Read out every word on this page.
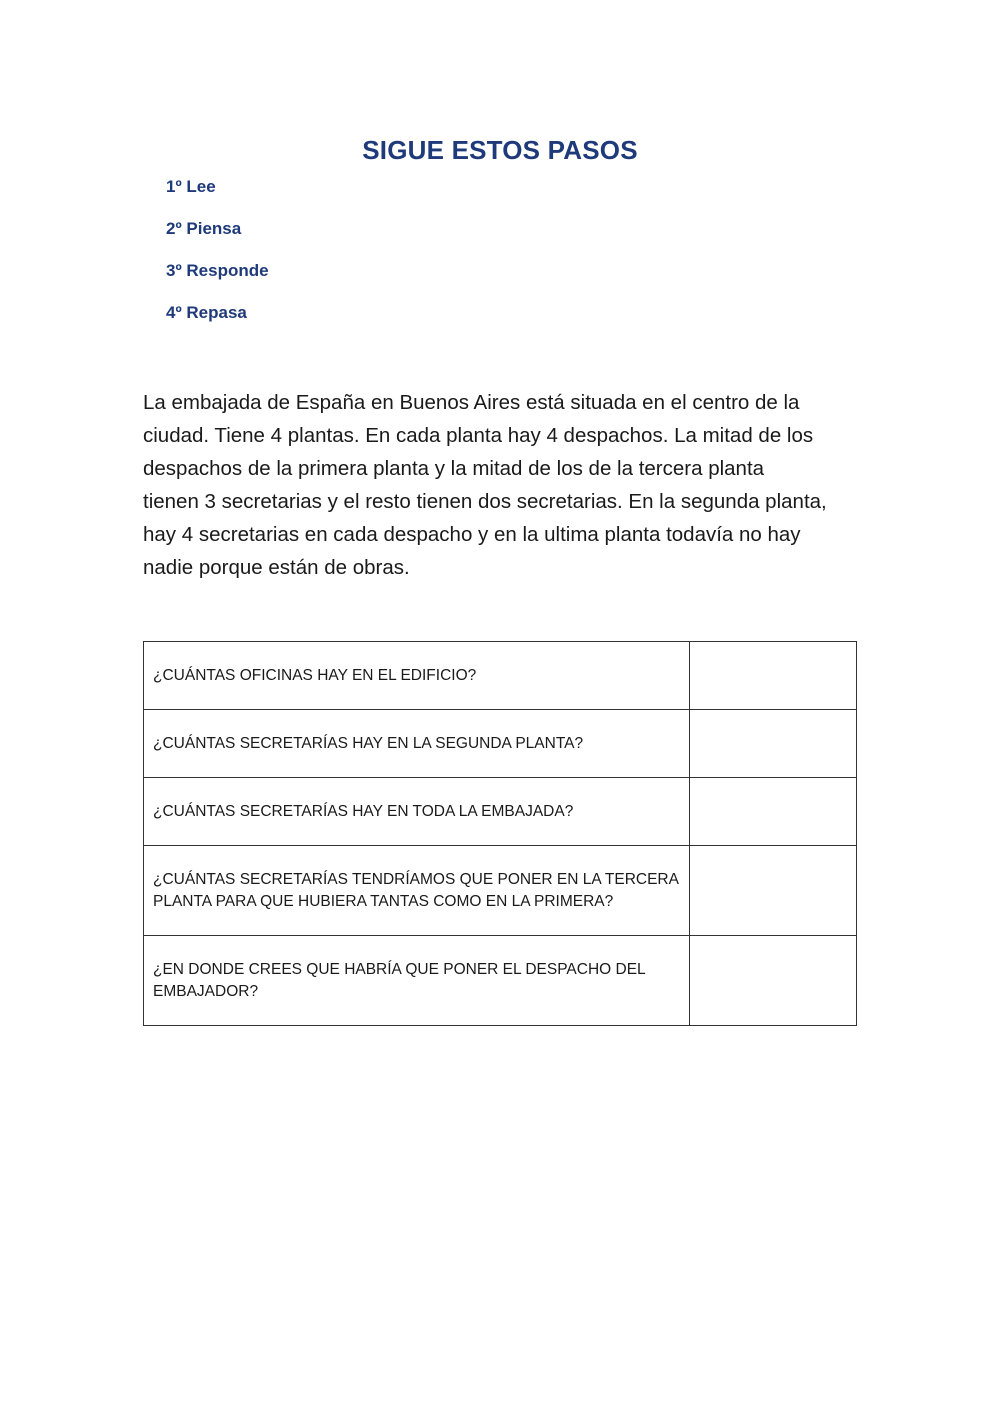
SIGUE ESTOS PASOS
1º Lee
2º Piensa
3º Responde
4º Repasa

La embajada de España en Buenos Aires está situada en el centro de la
ciudad. Tiene 4 plantas. En cada planta hay 4 despachos. La mitad de los
despachos de la primera planta y la mitad de los de la tercera planta
tienen 3 secretarias y el resto tienen dos secretarias. En la segunda planta,
hay 4 secretarias en cada despacho y en la ultima planta todavía no hay
nadie porque están de obras.

¿CUÁNTAS OFICINAS HAY EN EL EDIFICIO?	
¿CUÁNTAS SECRETARÍAS HAY EN LA SEGUNDA PLANTA?	
¿CUÁNTAS SECRETARÍAS HAY EN TODA LA EMBAJADA?	
¿CUÁNTAS SECRETARÍAS TENDRÍAMOS QUE PONER EN LA TERCERA
PLANTA PARA QUE HUBIERA TANTAS COMO EN LA PRIMERA?	
¿EN DONDE CREES QUE HABRÍA QUE PONER EL DESPACHO DEL
EMBAJADOR?	
